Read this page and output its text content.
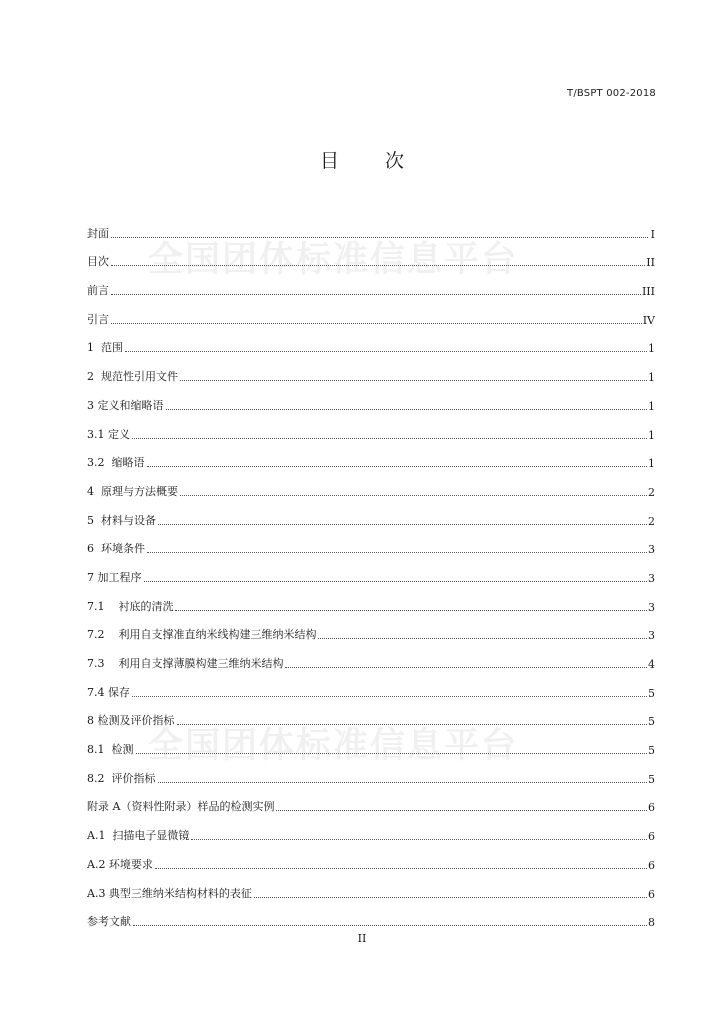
T/BSPT 002-2018
目 次
全国团体标准信息平台
全国团体标准信息平台
封面	I
目次	II
前言	III
引言	IV
1  范围	1
2  规范性引用文件	1
3 定义和缩略语	1
3.1 定义	1
3.2  缩略语	1
4  原理与方法概要	2
5  材料与设备	2
6  环境条件	3
7 加工程序	3
7.1    衬底的清洗	3
7.2    利用自支撑准直纳米线构建三维纳米结构	3
7.3    利用自支撑薄膜构建三维纳米结构	4
7.4 保存	5
8 检测及评价指标	5
8.1  检测	5
8.2  评价指标	5
附录 A（资料性附录）样品的检测实例	6
A.1  扫描电子显微镜	6
A.2 环境要求	6
A.3 典型三维纳米结构材料的表征	6
参考文献	8
II
